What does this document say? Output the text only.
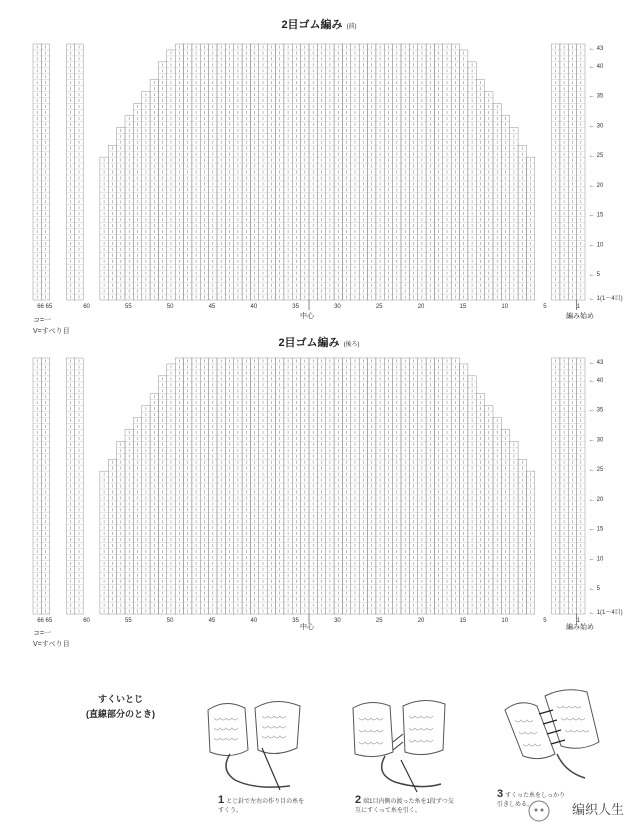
2目ゴム編み (前)
66 65	60	55	50	45	40	35	30	25	20	15	10	5	1
← 43
← 40
← 35
← 30
← 25
← 20
← 15
← 10
← 5
← 1(1〜4目)
中心	編み始め
コ=一
V=すべり目
2目ゴム編み (後ろ)
66 65	60	55	50	45	40	35	30	25	20	15	10	5	1
← 43
← 40
← 35
← 30
← 25
← 20
← 15
← 10
← 5
← 1(1〜4目)
中心	編み始め
コ=一
V=すべり目
すくいとじ
(直線部分のとき)
1 とじ針で左右の作り目の糸をすくう。
2 端1目内側の渡った糸を1段ずつ交互にすくって糸を引く。
3 すくった糸をしっかり引きしめる。	编织人生
